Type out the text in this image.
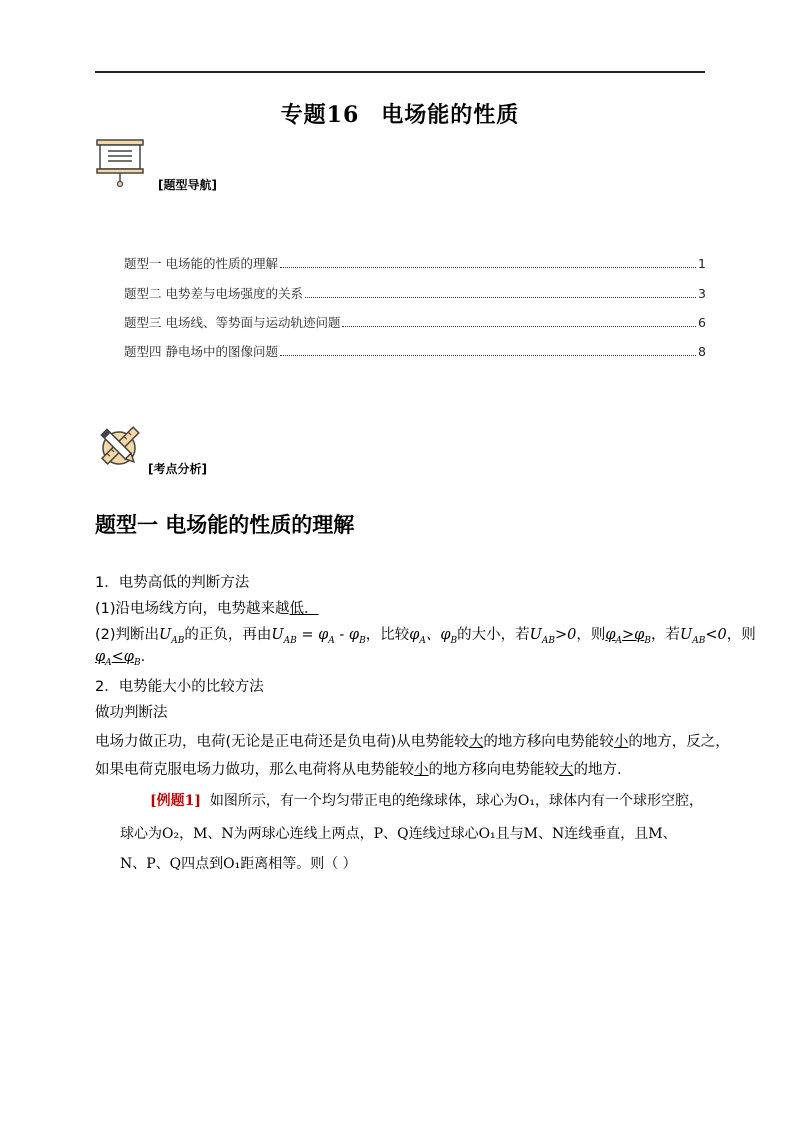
专题16 电场能的性质
[题型导航]
题型一 电场能的性质的理解	1
题型二 电势差与电场强度的关系	3
题型三 电场线、等势面与运动轨迹问题	6
题型四 静电场中的图像问题	8
[考点分析]
题型一 电场能的性质的理解
1．电势高低的判断方法
(1)沿电场线方向，电势越来越低．
(2)判断出$U_{AB}$的正负，再由$U_{AB} = \varphi_A - \varphi_B$，比较$\varphi_A$、$\varphi_B$的大小，若$U_{AB}>0$，则$\varphi_A>\varphi_B$，若$U_{AB}<0$，则
$\varphi_A<\varphi_B$.
2．电势能大小的比较方法
做功判断法
电场力做正功，电荷(无论是正电荷还是负电荷)从电势能较大的地方移向电势能较小的地方，反之，
如果电荷克服电场力做功，那么电荷将从电势能较小的地方移向电势能较大的地方．
[例题1] 如图所示，有一个均匀带正电的绝缘球体，球心为O₁，球体内有一个球形空腔，
球心为O₂，M、N为两球心连线上两点，P、Q连线过球心O₁且与M、N连线垂直，且M、
N、P、Q四点到O₁距离相等。则（ ）
